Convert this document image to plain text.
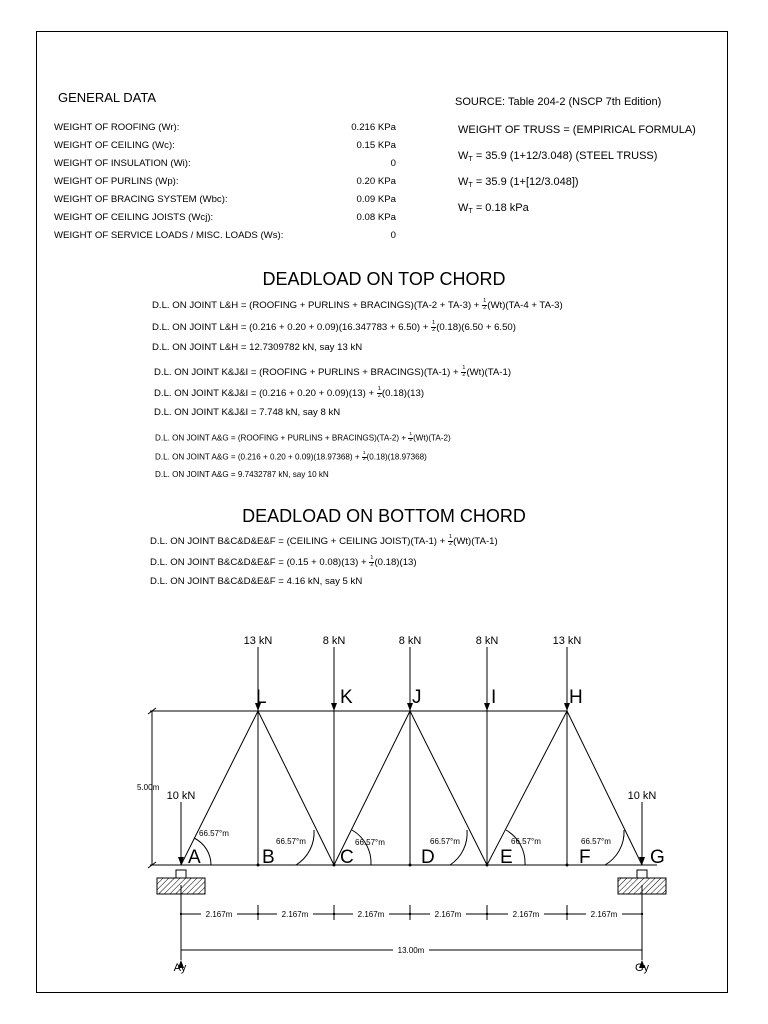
GENERAL DATA
WEIGHT OF ROOFING (Wr):	0.216 KPa
WEIGHT OF CEILING (Wc):	0.15 KPa
WEIGHT OF INSULATION (Wi):	0
WEIGHT OF PURLINS (Wp):	0.20 KPa
WEIGHT OF BRACING SYSTEM (Wbc):	0.09 KPa
WEIGHT OF CEILING JOISTS (Wcj):	0.08 KPa
WEIGHT OF SERVICE LOADS / MISC. LOADS (Ws):	0
SOURCE: Table 204-2 (NSCP 7th Edition)
WEIGHT OF TRUSS = (EMPIRICAL FORMULA)
$W_T = 35.9$ (1+12/3.048) (STEEL TRUSS)
$W_T = 35.9$ (1+[12/3.048])
$W_T = 0.18$ kPa
DEADLOAD ON TOP CHORD
D.L. ON JOINT L&H = (ROOFING + PURLINS + BRACINGS)(TA-2 + $TA-3) + \frac{1}{2} (Wt)(TA-4 + TA-3)$
D.L. ON JOINT L&H = $(0.216 + 0.20 + 0.09)(16.347783 + 6.50) + \frac{1}{2} (0.18)(6.50 + 6.50)$
D.L. ON JOINT L&H = 12.7309782 kN, say 13 kN
D.L. ON JOINT K&J&I = (ROOFING + PURLINS + BRACINGS)(TA-1) + $\frac{1}{2} (Wt)(TA-1)$
D.L. ON JOINT K&J&I = $(0.216 + 0.20 + 0.09)(13) + \frac{1}{2} (0.18)(13)$
D.L. ON JOINT K&J&I = 7.748 kN, say 8 kN
D.L. ON JOINT A&G = (ROOFING + PURLINS + BRACINGS)(TA-2) + $\frac{1}{2} (Wt)(TA-2)$
D.L. ON JOINT A&G = $(0.216 + 0.20 + 0.09)(18.97368) + \frac{1}{2} (0.18)(18.97368)$
D.L. ON JOINT A&G = 9.7432787 kN, say 10 kN
DEADLOAD ON BOTTOM CHORD
D.L. ON JOINT B&C&D&E&F = (CEILING + CEILING JOIST)(TA-1) + $\frac{1}{2} (Wt)(TA-1)$
D.L. ON JOINT B&C&D&E&F = $(0.15 + 0.08)(13) + \frac{1}{2} (0.18)(13)$
D.L. ON JOINT B&C&D&E&F = 4.16 kN, say 5 kN
13 kN	8 kN	8 kN	8 kN	13 kN
10 kN	10 kN
L	K	J	I	H
A	B	C	D	E	F	G
5.00m
66.57°m
66.57°m	66.57°m	66.57°m	66.57°m	66.57°m
2.167m	2.167m	2.167m	2.167m	2.167m	2.167m
13.00m
Ay	Gy
